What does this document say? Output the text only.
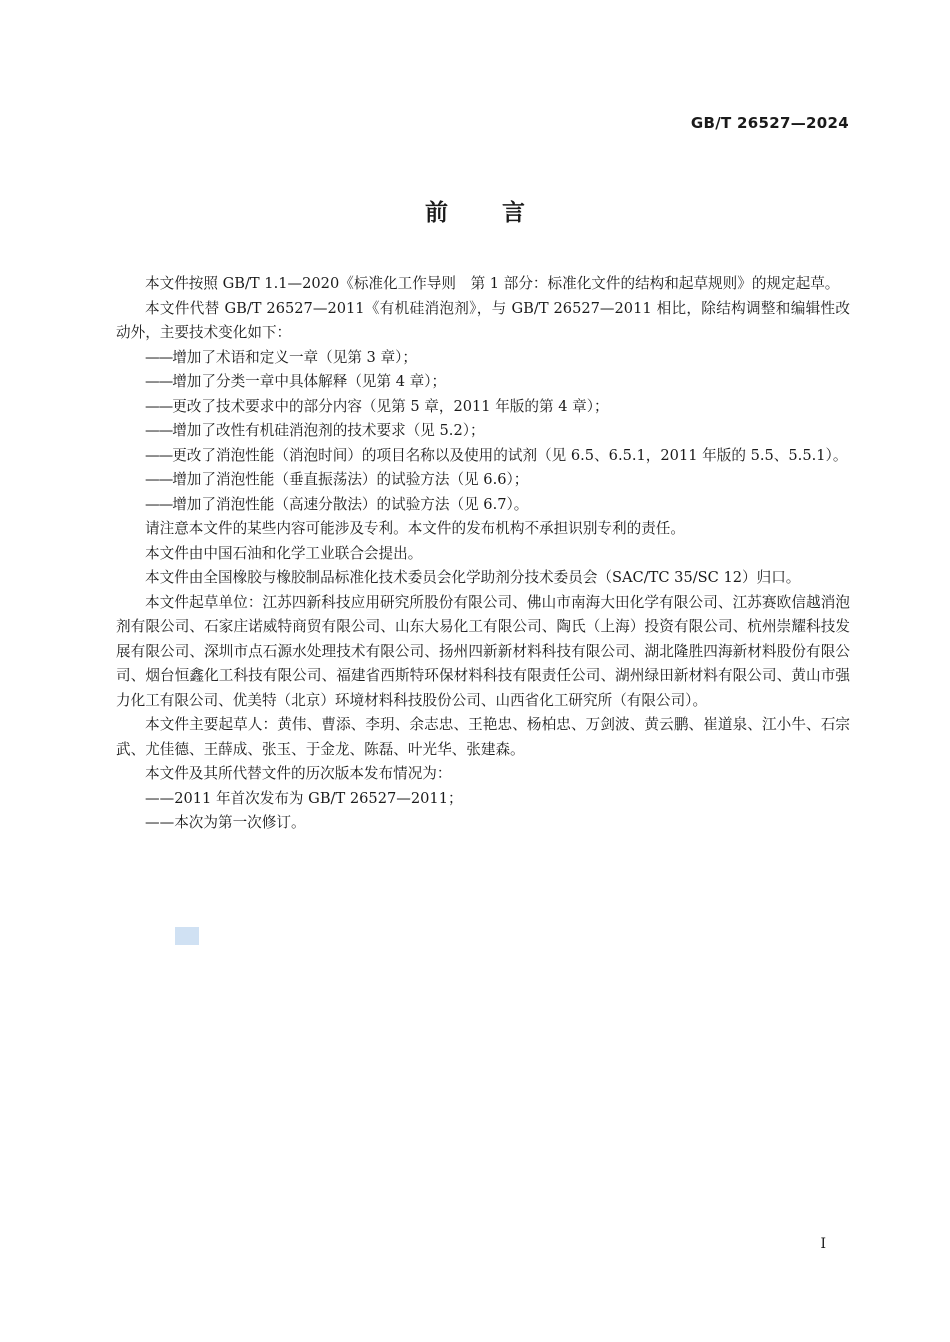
GB/T 26527—2024
前言

本文件按照 GB/T 1.1—2020《标准化工作导则　第 1 部分：标准化文件的结构和起草规则》的规定起草。

本文件代替 GB/T 26527—2011《有机硅消泡剂》，与 GB/T 26527—2011 相比，除结构调整和编辑性改动外，主要技术变化如下：

——增加了术语和定义一章（见第 3 章）；

——增加了分类一章中具体解释（见第 4 章）；

——更改了技术要求中的部分内容（见第 5 章，2011 年版的第 4 章）；

——增加了改性有机硅消泡剂的技术要求（见 5.2）；

——更改了消泡性能（消泡时间）的项目名称以及使用的试剂（见 6.5、6.5.1，2011 年版的 5.5、5.5.1）。

——增加了消泡性能（垂直振荡法）的试验方法（见 6.6）；

——增加了消泡性能（高速分散法）的试验方法（见 6.7）。

请注意本文件的某些内容可能涉及专利。本文件的发布机构不承担识别专利的责任。

本文件由中国石油和化学工业联合会提出。

本文件由全国橡胶与橡胶制品标准化技术委员会化学助剂分技术委员会（SAC/TC 35/SC 12）归口。

本文件起草单位：江苏四新科技应用研究所股份有限公司、佛山市南海大田化学有限公司、江苏赛欧信越消泡剂有限公司、石家庄诺威特商贸有限公司、山东大易化工有限公司、陶氏（上海）投资有限公司、杭州崇耀科技发展有限公司、深圳市点石源水处理技术有限公司、扬州四新新材料科技有限公司、湖北隆胜四海新材料股份有限公司、烟台恒鑫化工科技有限公司、福建省西斯特环保材料科技有限责任公司、湖州绿田新材料有限公司、黄山市强力化工有限公司、优美特（北京）环境材料科技股份公司、山西省化工研究所（有限公司）。

本文件主要起草人：黄伟、曹添、李玥、余志忠、王艳忠、杨柏忠、万剑波、黄云鹏、崔道泉、江小牛、石宗武、尤佳德、王薛成、张玉、于金龙、陈磊、叶光华、张建森。

本文件及其所代替文件的历次版本发布情况为：

——2011 年首次发布为 GB/T 26527—2011；

——本次为第一次修订。

Ⅰ
